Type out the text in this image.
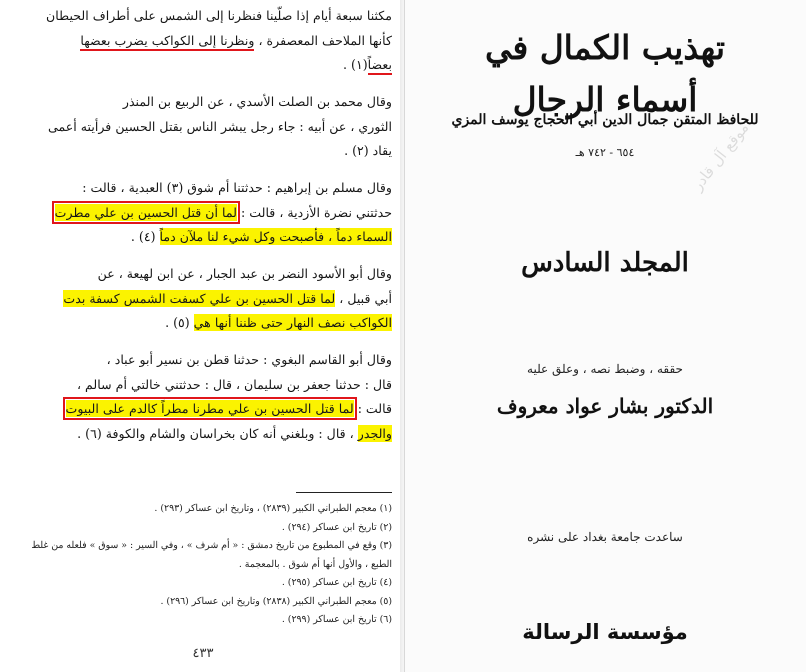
مكثنا سبعة أيام إذا صلّينا فنظرنا إلى الشمس على أطراف الحيطان
كأنها الملاحف المعصفرة ، ونظرنا إلى الكواكب يضرب بعضها
بعضاً(١) .

وقال محمد بن الصلت الأسدي ، عن الربيع بن المنذر
الثوري ، عن أبيه : جاء رجل يبشر الناس بقتل الحسين فرأيته أعمى
يقاد (٢) .

وقال مسلم بن إبراهيم : حدثتنا أم شوق (٣) العبدية ، قالت :
حدثتني نضرة الأزدية ، قالت : لما أن قتل الحسين بن علي مطرت
السماء دماً ، فأصبحت وكل شيء لنا ملآن دماً (٤) .

وقال أبو الأسود النضر بن عبد الجبار ، عن ابن لهيعة ، عن
أبي قبيل ، لما قتل الحسين بن علي كسفت الشمس كسفة بدت
الكواكب نصف النهار حتى ظننا أنها هي (٥) .

وقال أبو القاسم البغوي : حدثنا قطن بن نسير أبو عباد ،
قال : حدثنا جعفر بن سليمان ، قال : حدثتني خالتي أم سالم ،
قالت : لما قتل الحسين بن علي مطرنا مطراً كالدم على البيوت
والجدر ، قال : وبلغني أنه كان بخراسان والشام والكوفة (٦) .

(١) معجم الطبراني الكبير (٢٨٣٩) ، وتاريخ ابن عساكر (٢٩٣) .
(٢) تاريخ ابن عساكر (٢٩٤) .
(٣) وقع في المطبوع من تاريخ دمشق : « أم شرف » ، وفي السير : « سوق » فلعله من غلط
الطبع ، والأول أنها أم شوق . بالمعجمة .
(٤) تاريخ ابن عساكر (٢٩٥) .
(٥) معجم الطبراني الكبير (٢٨٣٨) وتاريخ ابن عساكر (٢٩٦) .
(٦) تاريخ ابن عساكر (٢٩٩) .
٤٣٣
تهذيب الكمال في
أسماء الرجال
للحافظ المتقن جمال الدين أبي الحجاج يوسف المزي
٦٥٤ - ٧٤٢ هـ
المجلد السادس
حققه ، وضبط نصه ، وعلق عليه
الدكتور بشار عواد معروف
ساعدت جامعة بغداد على نشره
مؤسسة الرسالة
موقع آل قادر
